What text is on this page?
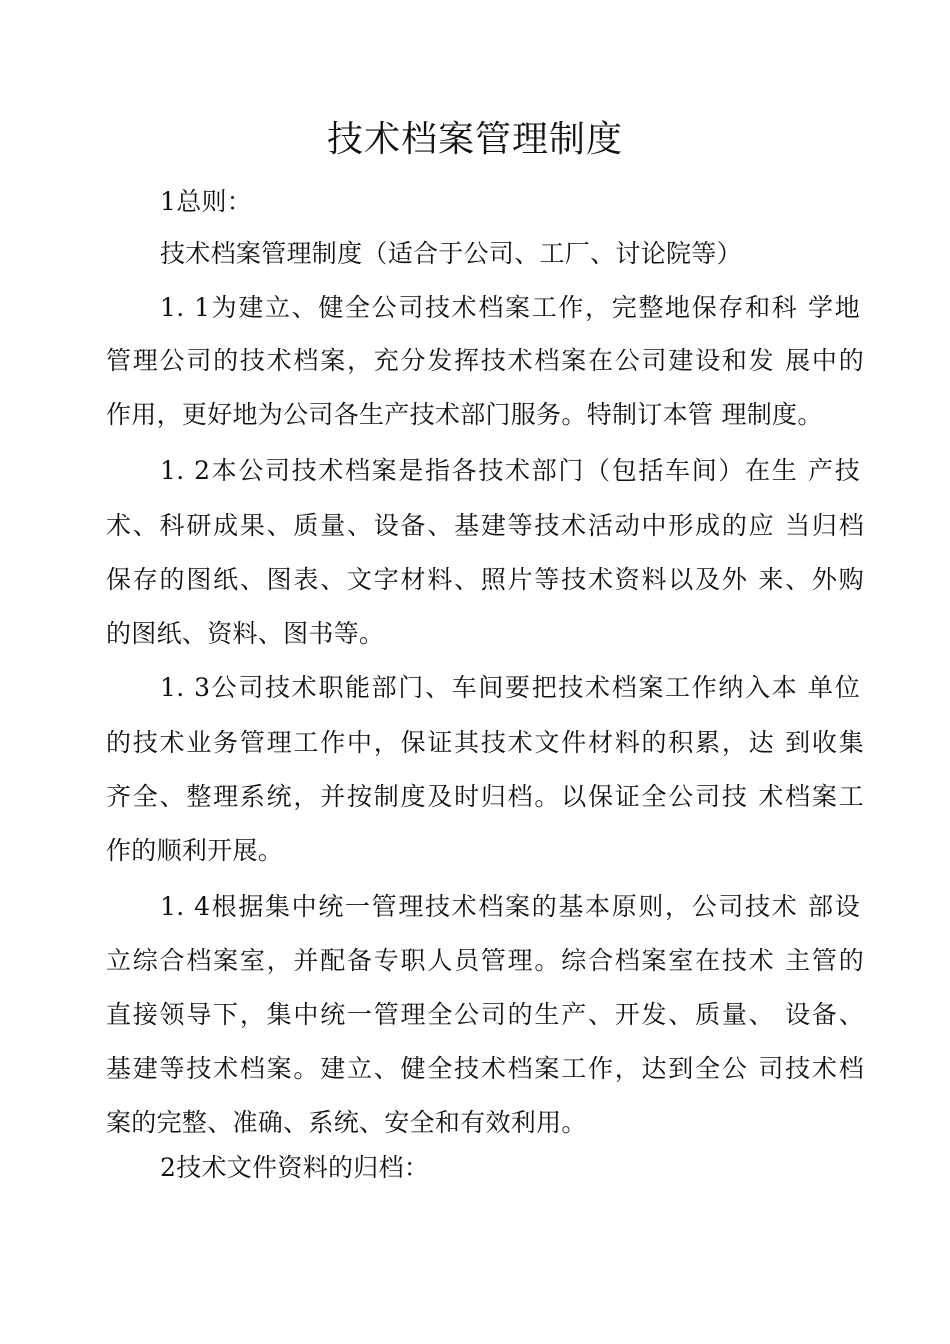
技术档案管理制度
1总则：
技术档案管理制度（适合于公司、工厂、讨论院等）
1. 1为建立、健全公司技术档案工作，完整地保存和科 学地
管理公司的技术档案，充分发挥技术档案在公司建设和发 展中的
作用，更好地为公司各生产技术部门服务。特制订本管 理制度。
1. 2本公司技术档案是指各技术部门（包括车间）在生 产技
术、科研成果、质量、设备、基建等技术活动中形成的应 当归档
保存的图纸、图表、文字材料、照片等技术资料以及外 来、外购
的图纸、资料、图书等。
1. 3公司技术职能部门、车间要把技术档案工作纳入本 单位
的技术业务管理工作中，保证其技术文件材料的积累，达 到收集
齐全、整理系统，并按制度及时归档。以保证全公司技 术档案工
作的顺利开展。
1. 4根据集中统一管理技术档案的基本原则，公司技术 部设
立综合档案室，并配备专职人员管理。综合档案室在技术 主管的
直接领导下，集中统一管理全公司的生产、开发、质量、 设备、
基建等技术档案。建立、健全技术档案工作，达到全公 司技术档
案的完整、准确、系统、安全和有效利用。
2技术文件资料的归档：
